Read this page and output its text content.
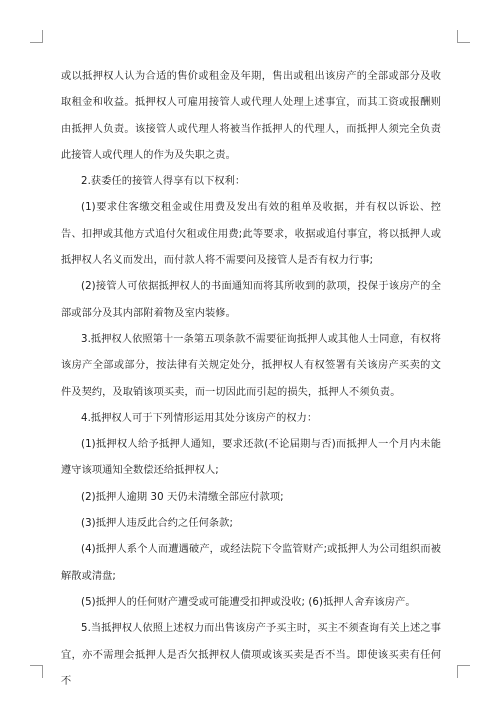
或以抵押权人认为合适的售价或租金及年期，售出或租出该房产的全部或部分及收取租金和收益。抵押权人可雇用接管人或代理人处理上述事宜，而其工资或报酬则由抵押人负责。该接管人或代理人将被当作抵押人的代理人，而抵押人须完全负责此接管人或代理人的作为及失职之责。

2.获委任的接管人得享有以下权利：

(1)要求住客缴交租金或住用费及发出有效的租单及收据，并有权以诉讼、控告、扣押或其他方式追付欠租或住用费;此等要求，收据或追付事宜，将以抵押人或抵押权人名义而发出，而付款人将不需要问及接管人是否有权力行事;

(2)接管人可依据抵押权人的书面通知而将其所收到的款项，投保于该房产的全部或部分及其内部附着物及室内装修。

3.抵押权人依照第十一条第五项条款不需要征询抵押人或其他人士同意，有权将该房产全部或部分，按法律有关规定处分，抵押权人有权签署有关该房产买卖的文件及契约，及取销该项买卖，而一切因此而引起的损失，抵押人不须负责。

4.抵押权人可于下列情形运用其处分该房产的权力：

(1)抵押权人给予抵押人通知，要求还款(不论届期与否)而抵押人一个月内未能遵守该项通知全数偿还给抵押权人;

(2)抵押人逾期 30 天仍未清缴全部应付款项;

(3)抵押人违反此合约之任何条款;

(4)抵押人系个人而遭遇破产，或经法院下令监管财产;或抵押人为公司组织而被解散或清盘;

(5)抵押人的任何财产遭受或可能遭受扣押或没收; (6)抵押人舍弃该房产。

5.当抵押权人依照上述权力而出售该房产予买主时，买主不须查询有关上述之事宜，亦不需理会抵押人是否欠抵押权人债项或该买卖是否不当。即使该买卖有任何不
